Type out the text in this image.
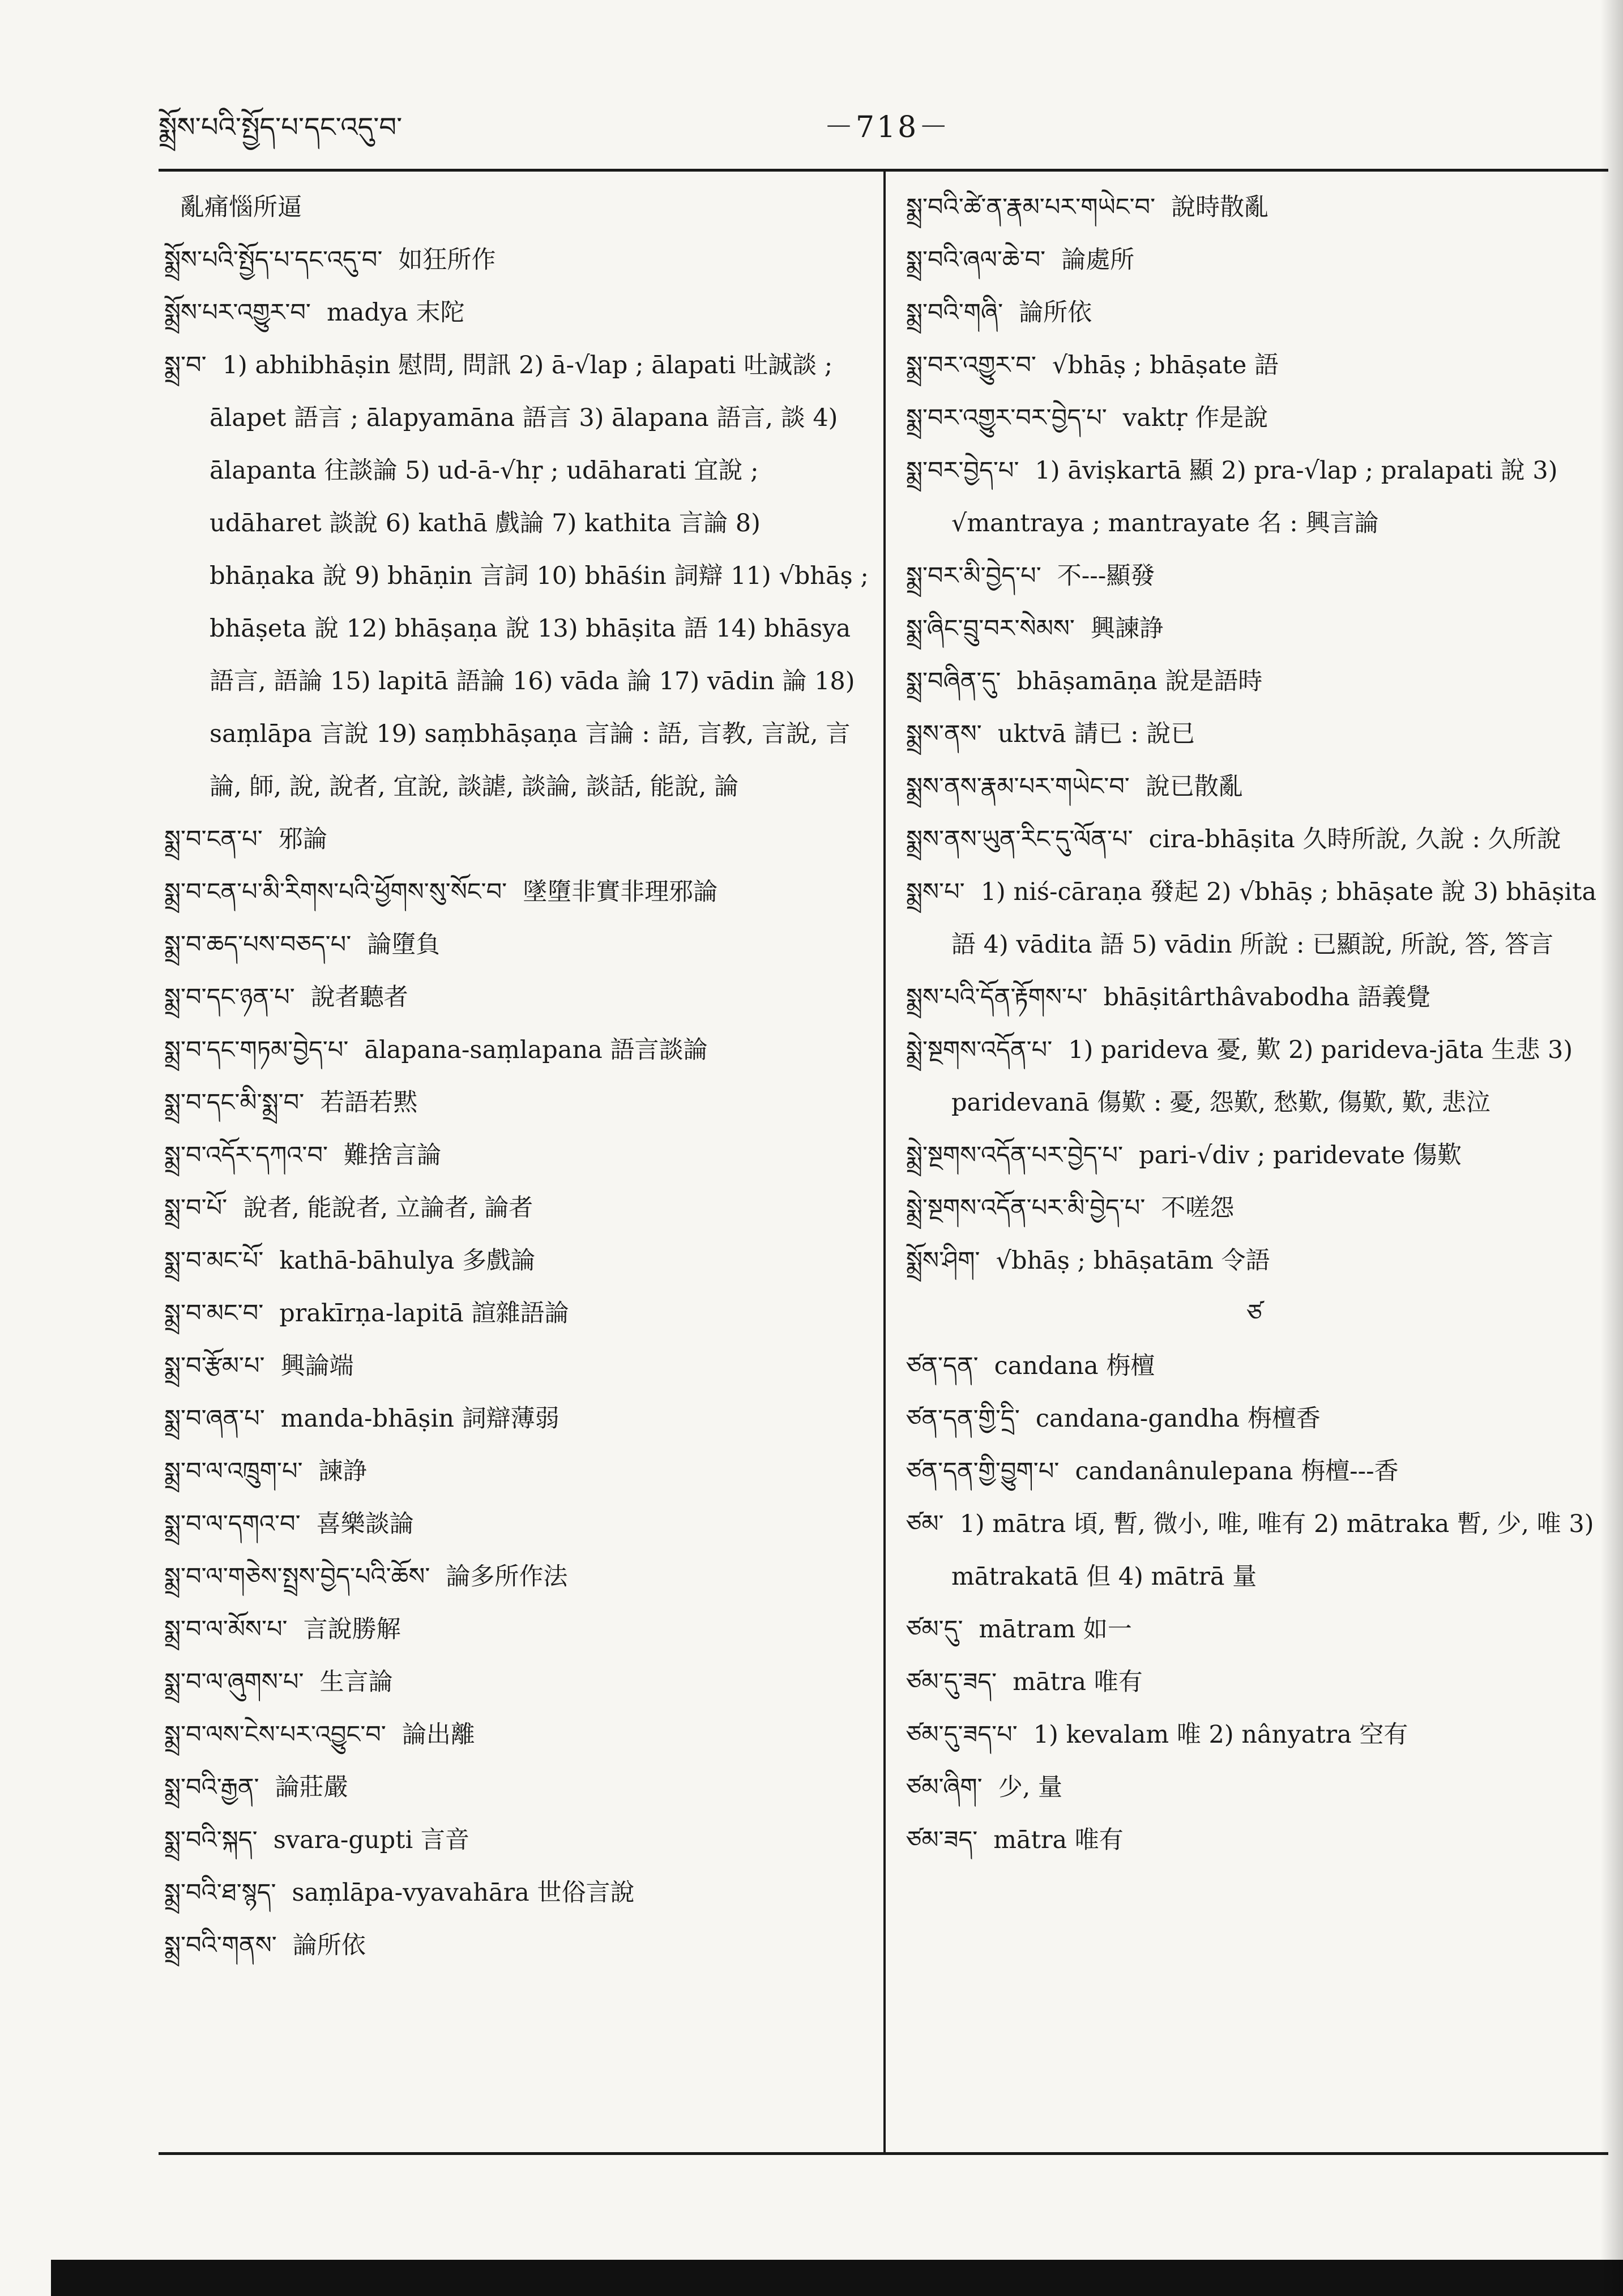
སྨྲོས་པའི་སྤྱོད་པ་དང་འདུ་བ་	－718－

亂痛惱所逼

སྨྲོས་པའི་སྤྱོད་པ་དང་འདུ་བ་ 如狂所作

སྨྲོས་པར་འགྱུར་བ་ madya 末陀

སྨྲ་བ་ 1) abhibhāṣin 慰問, 問訊 2) ā-√lap ; ālapati 吐誠談 ; ālapet 語言 ; ālapyamāna 語言 3) ālapana 語言, 談 4) ālapanta 往談論 5) ud-ā-√hṛ ; udāharati 宜說 ; udāharet 談說 6) kathā 戲論 7) kathita 言論 8) bhāṇaka 說 9) bhāṇin 言詞 10) bhāśin 詞辯 11) √bhāṣ ; bhāṣeta 說 12) bhāṣaṇa 說 13) bhāṣita 語 14) bhāsya 語言, 語論 15) lapitā 語論 16) vāda 論 17) vādin 論 18) saṃlāpa 言說 19) saṃbhāṣaṇa 言論 : 語, 言教, 言說, 言論, 師, 說, 說者, 宜說, 談謔, 談論, 談話, 能說, 論

སྨྲ་བ་ངན་པ་ 邪論

སྨྲ་བ་ངན་པ་མི་རིགས་པའི་ཕྱོགས་སུ་སོང་བ་ 墜墮非實非理邪論

སྨྲ་བ་ཆད་པས་བཅད་པ་ 論墮負

སྨྲ་བ་དང་ཉན་པ་ 說者聽者

སྨྲ་བ་དང་གཏམ་བྱེད་པ་ ālapana-saṃlapana 語言談論

སྨྲ་བ་དང་མི་སྨྲ་བ་ 若語若黙

སྨྲ་བ་འདོར་དཀའ་བ་ 難捨言論

སྨྲ་བ་པོ་ 說者, 能說者, 立論者, 論者

སྨྲ་བ་མང་པོ་ kathā-bāhulya 多戲論

སྨྲ་བ་མང་བ་ prakīrṇa-lapitā 諠雜語論

སྨྲ་བ་རྩོམ་པ་ 興論端

སྨྲ་བ་ཞན་པ་ manda-bhāṣin 詞辯薄弱

སྨྲ་བ་ལ་འཁྲུག་པ་ 諫諍

སྨྲ་བ་ལ་དགའ་བ་ 喜樂談論

སྨྲ་བ་ལ་གཅེས་སྤྲས་བྱེད་པའི་ཆོས་ 論多所作法

སྨྲ་བ་ལ་མོས་པ་ 言說勝解

སྨྲ་བ་ལ་ཞུགས་པ་ 生言論

སྨྲ་བ་ལས་ངེས་པར་འབྱུང་བ་ 論出離

སྨྲ་བའི་རྒྱན་ 論莊嚴

སྨྲ་བའི་སྐད་ svara-gupti 言音

སྨྲ་བའི་ཐ་སྙད་ saṃlāpa-vyavahāra 世俗言說

སྨྲ་བའི་གནས་ 論所依

སྨྲ་བའི་ཚེ་ན་རྣམ་པར་གཡེང་བ་ 說時散亂

སྨྲ་བའི་ཞལ་ཆེ་བ་ 論處所

སྨྲ་བའི་གཞི་ 論所依

སྨྲ་བར་འགྱུར་བ་ √bhāṣ ; bhāṣate 語

སྨྲ་བར་འགྱུར་བར་བྱེད་པ་ vaktṛ 作是說

སྨྲ་བར་བྱེད་པ་ 1) āviṣkartā 顯 2) pra-√lap ; pralapati 說 3) √mantraya ; mantrayate 名 : 興言論

སྨྲ་བར་མི་བྱེད་པ་ 不---顯發

སྨྲ་ཞིང་བྲུ་བར་སེམས་ 興諫諍

སྨྲ་བཞིན་དུ་ bhāṣamāṇa 說是語時

སྨྲས་ནས་ uktvā 請已 : 說已

སྨྲས་ནས་རྣམ་པར་གཡེང་བ་ 說已散亂

སྨྲས་ནས་ཡུན་རིང་དུ་ལོན་པ་ cira-bhāṣita 久時所說, 久說 : 久所說

སྨྲས་པ་ 1) niś-cāraṇa 發起 2) √bhāṣ ; bhāṣate 說 3) bhāṣita 語 4) vādita 語 5) vādin 所說 : 已顯說, 所說, 答, 答言

སྨྲས་པའི་དོན་རྟོགས་པ་ bhāṣitârthâvabodha 語義覺

སྨྲེ་སྔགས་འདོན་པ་ 1) paridevа 憂, 歎 2) parideva-jāta 生悲 3) paridevanā 傷歎 : 憂, 怨歎, 愁歎, 傷歎, 歎, 悲泣

སྨྲེ་སྔགས་འདོན་པར་བྱེད་པ་ pari-√div ; paridevate 傷歎

སྨྲེ་སྔགས་འདོན་པར་མི་བྱེད་པ་ 不嗟怨

སྨྲོས་ཤིག་ √bhāṣ ; bhāṣatām 令語

ཙ

ཙན་དན་ candana 栴檀

ཙན་དན་གྱི་དྲི་ candana-gandha 栴檀香

ཙན་དན་གྱི་བྱུག་པ་ candanânulepana 栴檀---香

ཙམ་ 1) mātra 頃, 暫, 微小, 唯, 唯有 2) mātraka 暫, 少, 唯 3) mātrakatā 但 4) mātrā 量

ཙམ་དུ་ mātram 如一

ཙམ་དུ་ཟད་ mātra 唯有

ཙམ་དུ་ཟད་པ་ 1) kevalam 唯 2) nânyatra 空有

ཙམ་ཞིག་ 少, 量

ཙམ་ཟད་ mātra 唯有
